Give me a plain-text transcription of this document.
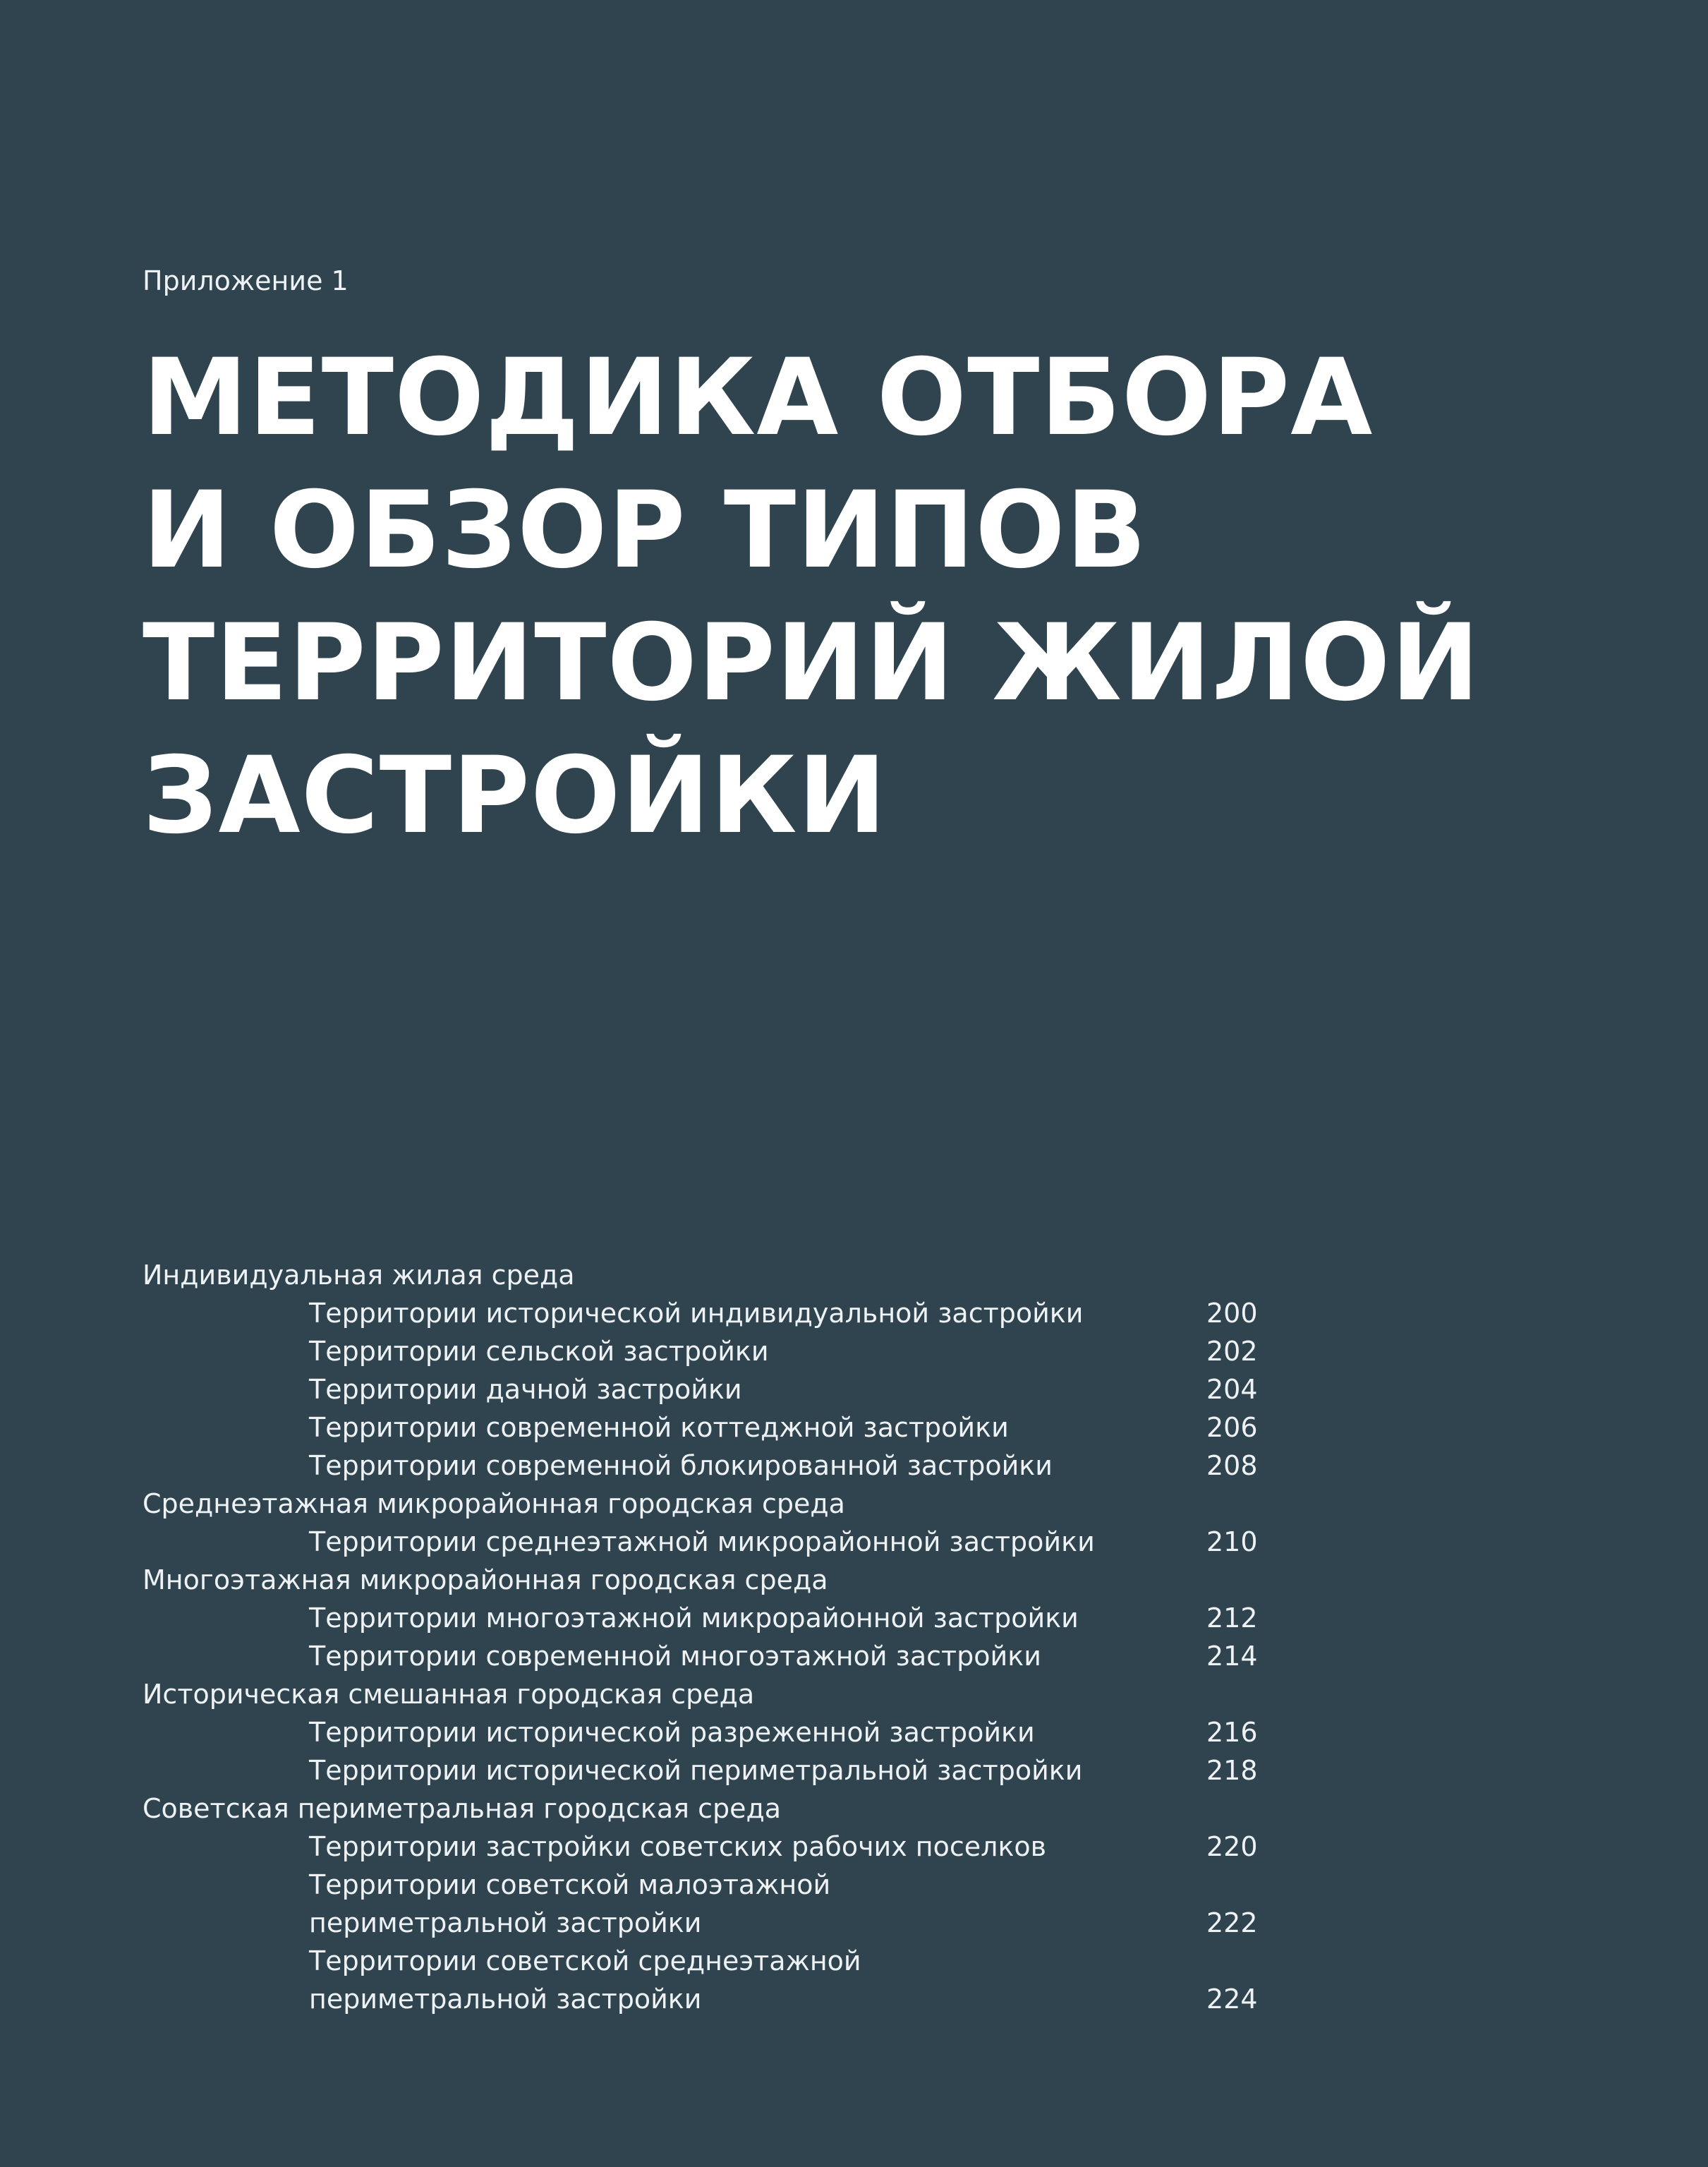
Приложение 1
МЕТОДИКА ОТБОРА
И ОБЗОР ТИПОВ
ТЕРРИТОРИЙ ЖИЛОЙ
ЗАСТРОЙКИ
Индивидуальная жилая среда
Территории исторической индивидуальной застройки	200
Территории сельской застройки	202
Территории дачной застройки	204
Территории современной коттеджной застройки	206
Территории современной блокированной застройки	208
Среднеэтажная микрорайонная городская среда
Территории среднеэтажной микрорайонной застройки	210
Многоэтажная микрорайонная городская среда
Территории многоэтажной микрорайонной застройки	212
Территории современной многоэтажной застройки	214
Историческая смешанная городская среда
Территории исторической разреженной застройки	216
Территории исторической периметральной застройки	218
Советская периметральная городская среда
Территории застройки советских рабочих поселков	220
Территории советской малоэтажной
периметральной застройки	222
Территории советской среднеэтажной
периметральной застройки	224
